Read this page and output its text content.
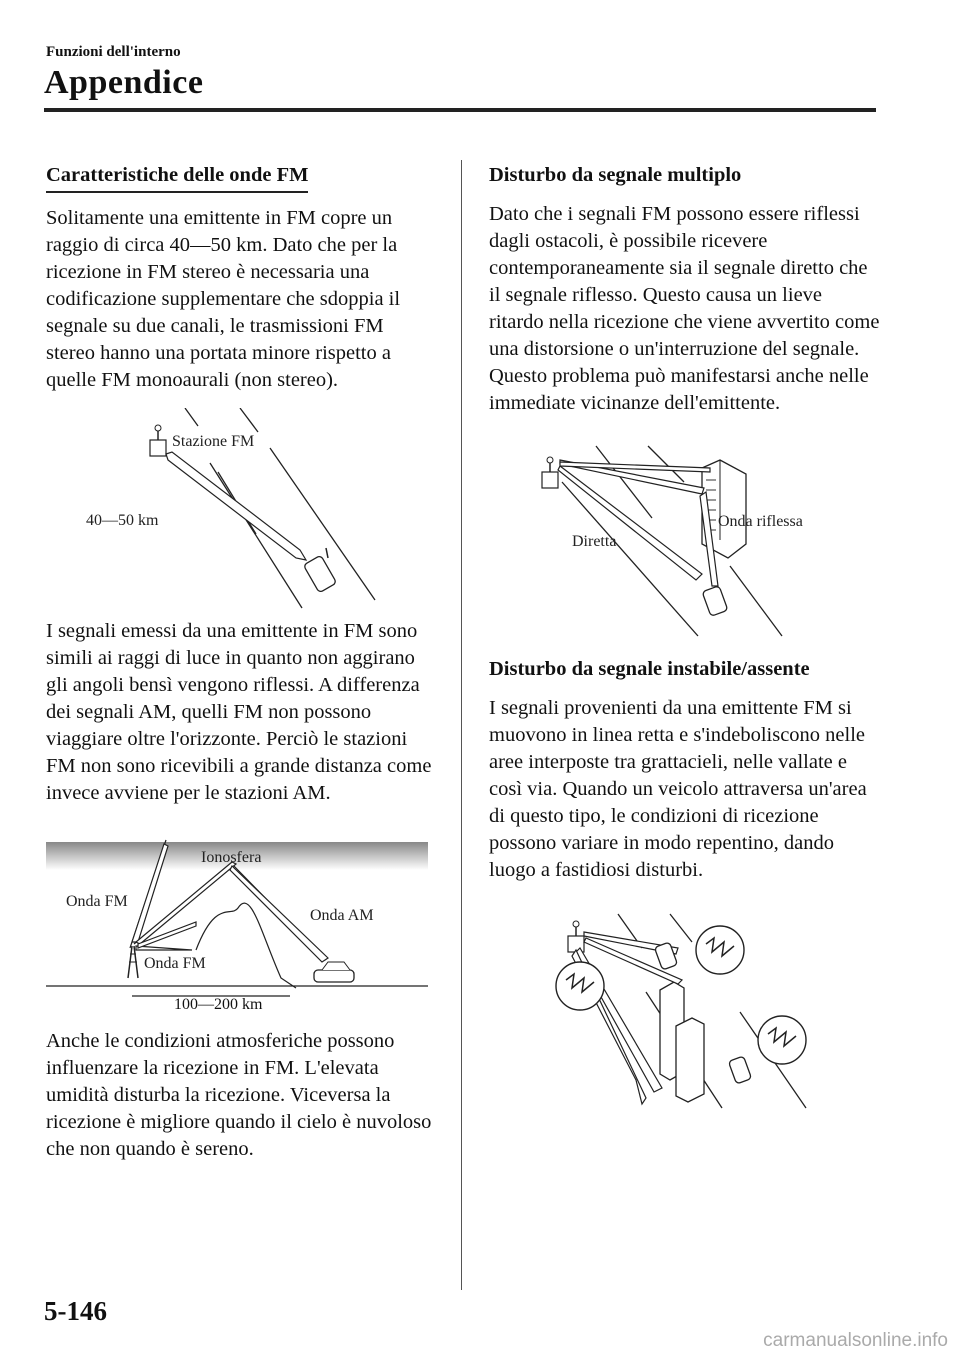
Funzioni dell'interno
Appendice
Caratteristiche delle onde FM

Solitamente una emittente in FM copre un raggio di circa 40―50 km. Dato che per la ricezione in FM stereo è necessaria una codificazione supplementare che sdoppia il segnale su due canali, le trasmissioni FM stereo hanno una portata minore rispetto a quelle FM monoaurali (non stereo).

Stazione FM
40―50 km

I segnali emessi da una emittente in FM sono simili ai raggi di luce in quanto non aggirano gli angoli bensì vengono riflessi. A differenza dei segnali AM, quelli FM non possono viaggiare oltre l'orizzonte. Perciò le stazioni FM non sono ricevibili a grande distanza come invece avviene per le stazioni AM.

Ionosfera
Onda FM
Onda AM
Onda FM
100―200 km

Anche le condizioni atmosferiche possono influenzare la ricezione in FM. L'elevata umidità disturba la ricezione. Viceversa la ricezione è migliore quando il cielo è nuvoloso che non quando è sereno.

Disturbo da segnale multiplo

Dato che i segnali FM possono essere riflessi dagli ostacoli, è possibile ricevere contemporaneamente sia il segnale diretto che il segnale riflesso. Questo causa un lieve ritardo nella ricezione che viene avvertito come una distorsione o un'interruzione del segnale. Questo problema può manifestarsi anche nelle immediate vicinanze dell'emittente.

Onda riflessa
Diretta
Disturbo da segnale instabile/assente

I segnali provenienti da una emittente FM si muovono in linea retta e s'indeboliscono nelle aree interposte tra grattacieli, nelle vallate e così via. Quando un veicolo attraversa un'area di questo tipo, le condizioni di ricezione possono variare in modo repentino, dando luogo a fastidiosi disturbi.

5-146
carmanualsonline.info
